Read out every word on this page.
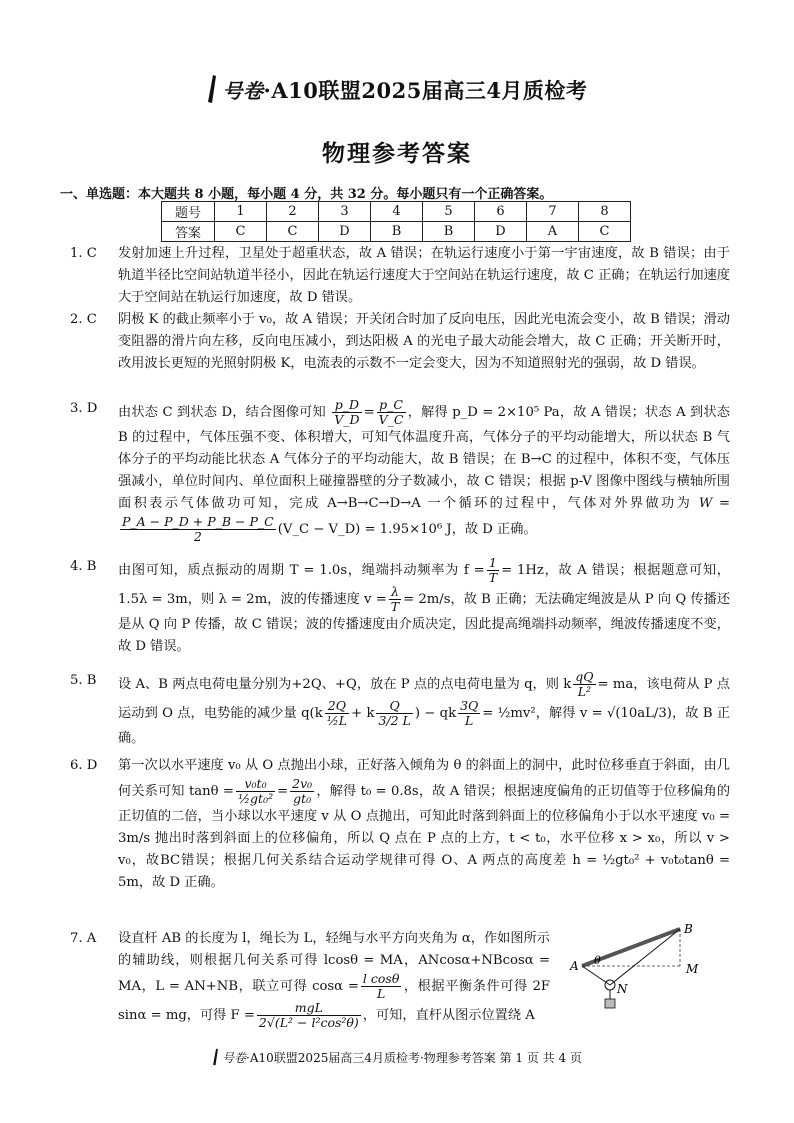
号卷·A10联盟2025届高三4月质检考
物理参考答案
一、单选题：本大题共 8 小题，每小题 4 分，共 32 分。每小题只有一个正确答案。
题号	1	2	3	4	5	6	7	8
答案	C	C	D	B	B	D	A	C
1. C	发射加速上升过程，卫星处于超重状态，故 A 错误；在轨运行速度小于第一宇宙速度，故 B 错误；由于轨道半径比空间站轨道半径小，因此在轨运行速度大于空间站在轨运行速度，故 C 正确；在轨运行加速度大于空间站在轨运行加速度，故 D 错误。
2. C	阴极 K 的截止频率小于 v₀，故 A 错误；开关闭合时加了反向电压，因此光电流会变小，故 B 错误；滑动变阻器的滑片向左移，反向电压减小，到达阳极 A 的光电子最大动能会增大，故 C 正确；开关断开时，改用波长更短的光照射阴极 K，电流表的示数不一定会变大，因为不知道照射光的强弱，故 D 错误。
3. D	由状态 C 到状态 D，结合图像可知 $\frac{p\_D}{V\_D} = \frac{p\_C}{V\_C}$ ，解得 p_D = 2×10⁵ Pa，故 A 错误；状态 A 到状态 B 的过程中，气体压强不变、体积增大，可知气体温度升高，气体分子的平均动能增大，所以状态 B 气体分子的平均动能比状态 A 气体分子的平均动能大，故 B 错误；在 B→C 的过程中，体积不变，气体压强减小，单位时间内、单位面积上碰撞器壁的分子数减小，故 C 错误；根据 p-V 图像中图线与横轴所围面积表示气体做功可知，完成 A→B→C→D→A 一个循环的过程中，气体对外界做功为 W =
$\frac{P\_A - P\_D + P\_B - P\_C}{2}$ (V_C − V_D) = 1.95×10⁶ J，故 D 正确。
4. B	由图可知，质点振动的周期 T = 1.0s，绳端抖动频率为 $f = \frac{1}{T} = 1Hz$，故 A 错误；根据题意可知，1.5λ = 3m，则 λ = 2m，波的传播速度 $v = \frac{\lambda}{T} = 2m/s$，故 B 正确；无法确定绳波是从 P 向 Q 传播还是从 Q 向 P 传播，故 C 错误；波的传播速度由介质决定，因此提高绳端抖动频率，绳波传播速度不变，故 D 错误。
5. B	设 A、B 两点电荷电量分别为+2Q、+Q，放在 P 点的点电荷电量为 q，则 k $\frac{qQ}{\text{L²}}$ = ma，该电荷从 P 点运动到 O 点，电势能的减少量 $q(k \frac{2Q}{\text{½L}} + k \frac{Q}{3/2 L}$ ) − qk $\frac{3Q}{L}$ = ½mv²，解得 v = √(10aL/3)，故 B 正确。
6. D	第一次以水平速度 v₀ 从 O 点抛出小球，正好落入倾角为 θ 的斜面上的洞中，此时位移垂直于斜面，由几何关系可知 $\tan\theta = \frac{\text{v₀t₀}}{\text{½gt₀²}} = \frac{\text{2v₀}}{\text{gt₀}}$ ，解得 t₀ = 0.8s，故 A 错误；根据速度偏角的正切值等于位移偏角的正切值的二倍，当小球以水平速度 v 从 O 点抛出，可知此时落到斜面上的位移偏角小于以水平速度 v₀ = 3m/s 抛出时落到斜面上的位移偏角，所以 Q 点在 P 点的上方，t < t₀，水平位移 x > x₀，所以 v > v₀，故BC错误；根据几何关系结合运动学规律可得 O、A 两点的高度差 h = ½gt₀² + v₀t₀tanθ = 5m，故 D 正确。
7. A	设直杆 AB 的长度为 l，绳长为 L，轻绳与水平方向夹角为 α，作如图所示的辅助线，则根据几何关系可得 lcosθ = MA，ANcosα+NBcosα = MA，L = AN+NB，联立可得 $\cos\alpha = \frac{\text{l cosθ}}{L}$ ，根据平衡条件可得 2F sinα = mg，可得 $F = \frac{\text{mgL}}{\text{2√(L² − l²cos²θ)}}$ ，可知，直杆从图示位置绕 A
A
B
M
N
θ
号卷·A10联盟2025届高三4月质检考·物理参考答案 第 1 页 共 4 页
